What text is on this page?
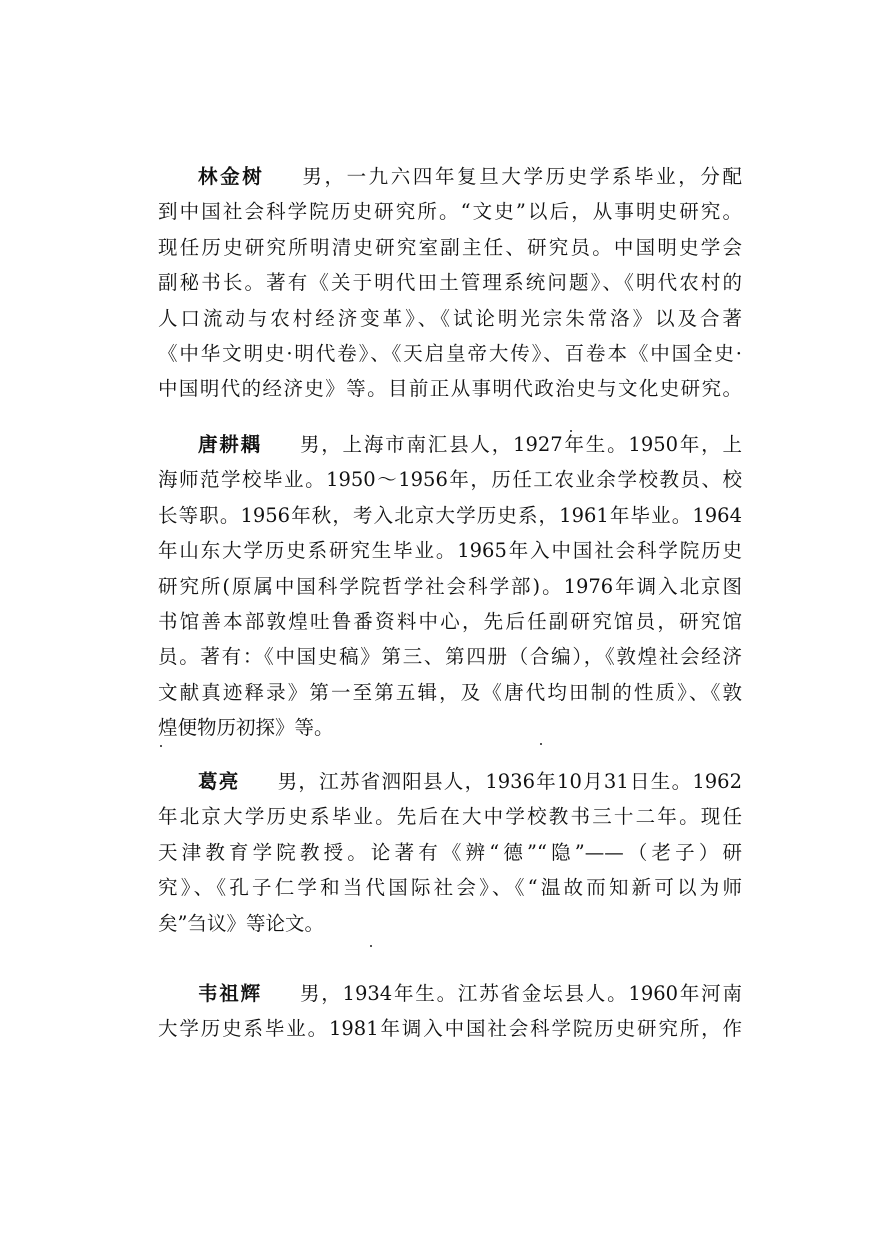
林金树 男，一九六四年复旦大学历史学系毕业，分配
到中国社会科学院历史研究所。“文史”以后，从事明史研究。
现任历史研究所明清史研究室副主任、研究员。中国明史学会
副秘书长。著有《关于明代田土管理系统问题》、《明代农村的
人口流动与农村经济变革》、《试论明光宗朱常洛》以及合著
《中华文明史·明代卷》、《天启皇帝大传》、百卷本《中国全史·
中国明代的经济史》等。目前正从事明代政治史与文化史研究。
唐耕耦 男，上海市南汇县人，1927年生。1950年，上
海师范学校毕业。1950～1956年，历任工农业余学校教员、校
长等职。1956年秋，考入北京大学历史系，1961年毕业。1964
年山东大学历史系研究生毕业。1965年入中国社会科学院历史
研究所(原属中国科学院哲学社会科学部)。1976年调入北京图
书馆善本部敦煌吐鲁番资料中心，先后任副研究馆员，研究馆
员。著有：《中国史稿》第三、第四册（合编），《敦煌社会经济
文献真迹释录》第一至第五辑，及《唐代均田制的性质》、《敦
煌便物历初探》等。
葛亮 男，江苏省泗阳县人，1936年10月31日生。1962
年北京大学历史系毕业。先后在大中学校教书三十二年。现任
天津教育学院教授。论著有《辨“德”“隐”——（老子）研
究》、《孔子仁学和当代国际社会》、《“温故而知新可以为师
矣”刍议》等论文。
韦祖辉 男，1934年生。江苏省金坛县人。1960年河南
大学历史系毕业。1981年调入中国社会科学院历史研究所，作
